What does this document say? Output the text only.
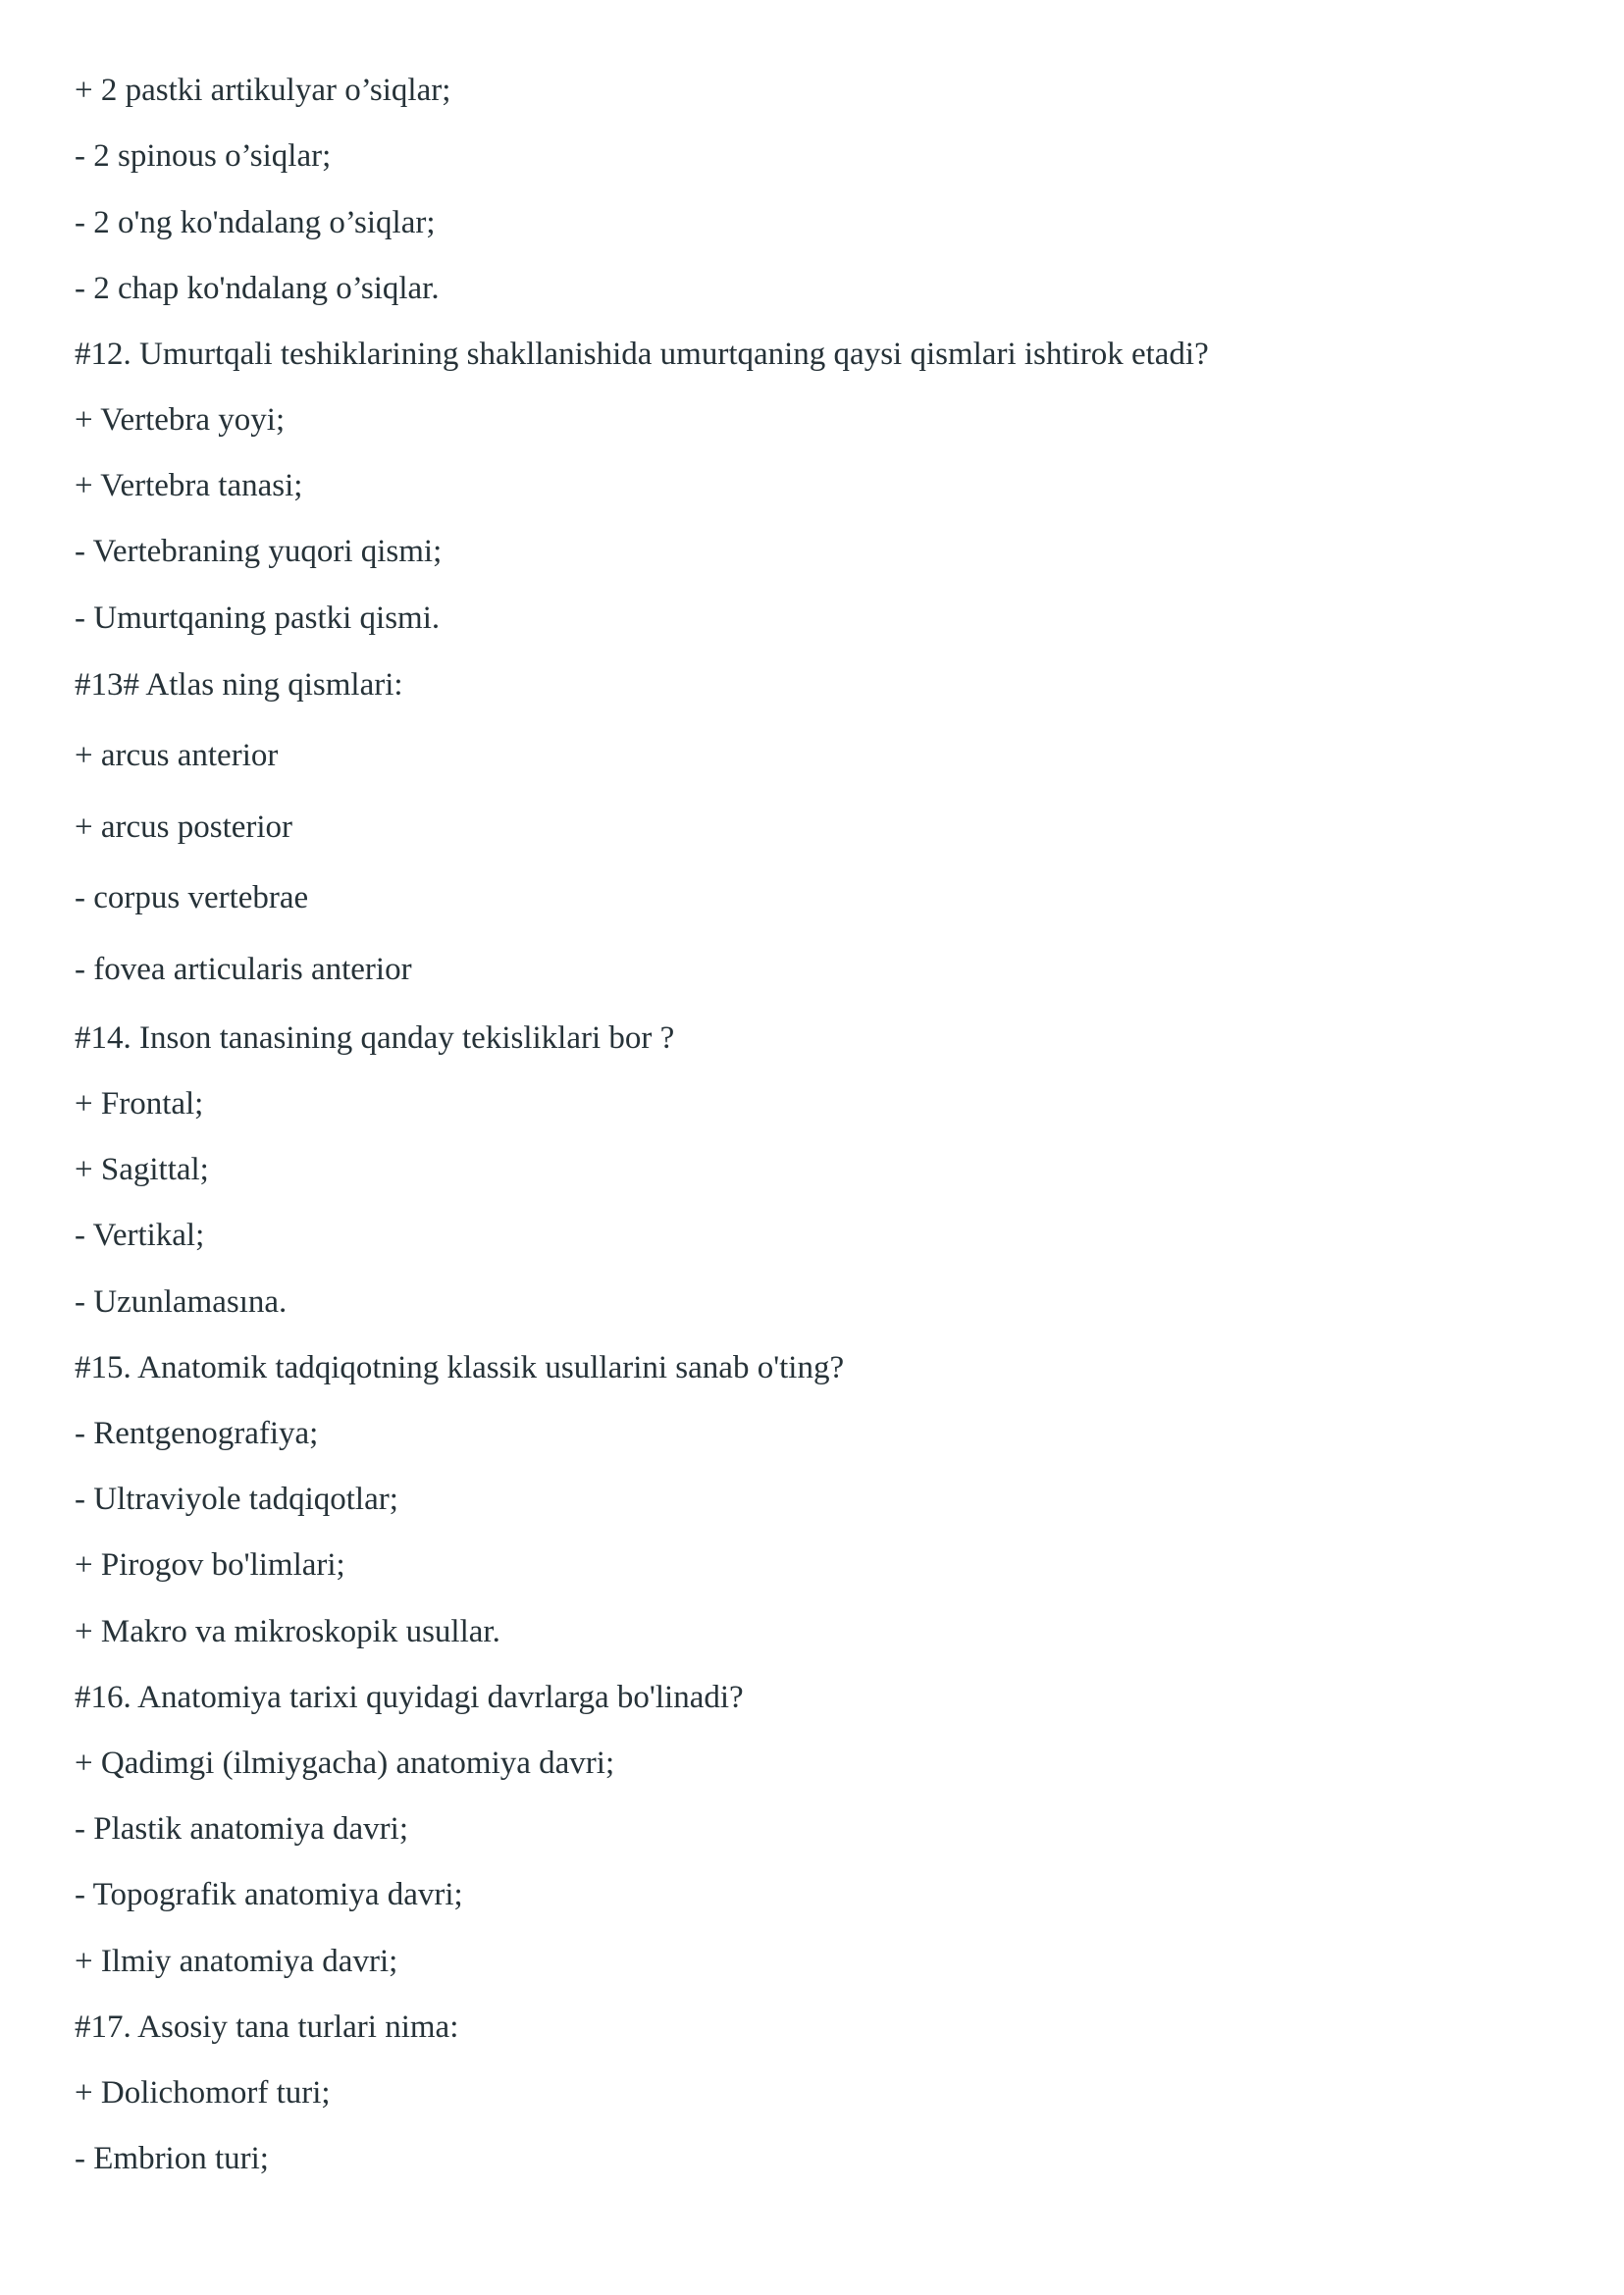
+ 2 pastki artikulyar o’siqlar;

- 2 spinous o’siqlar;

- 2 o'ng ko'ndalang o’siqlar;

- 2 chap ko'ndalang o’siqlar.

#12. Umurtqali teshiklarining shakllanishida umurtqaning qaysi qismlari ishtirok etadi?

+ Vertebra yoyi;

+ Vertebra tanasi;

- Vertebraning yuqori qismi;

- Umurtqaning pastki qismi.

#13# Atlas ning qismlari:

+ arcus anterior

+ arcus posterior

- corpus vertebrae

- fovea articularis anterior

#14. Inson tanasining qanday tekisliklari bor ?

+ Frontal;

+ Sagittal;

- Vertikal;

- Uzunlamasına.

#15. Anatomik tadqiqotning klassik usullarini sanab o'ting?

- Rentgenografiya;

- Ultraviyole tadqiqotlar;

+ Pirogov bo'limlari;

+ Makro va mikroskopik usullar.

#16. Anatomiya tarixi quyidagi davrlarga bo'linadi?

+ Qadimgi (ilmiygacha) anatomiya davri;

- Plastik anatomiya davri;

- Topografik anatomiya davri;

+ Ilmiy anatomiya davri;

#17. Asosiy tana turlari nima:

+ Dolichomorf turi;

- Embrion turi;
